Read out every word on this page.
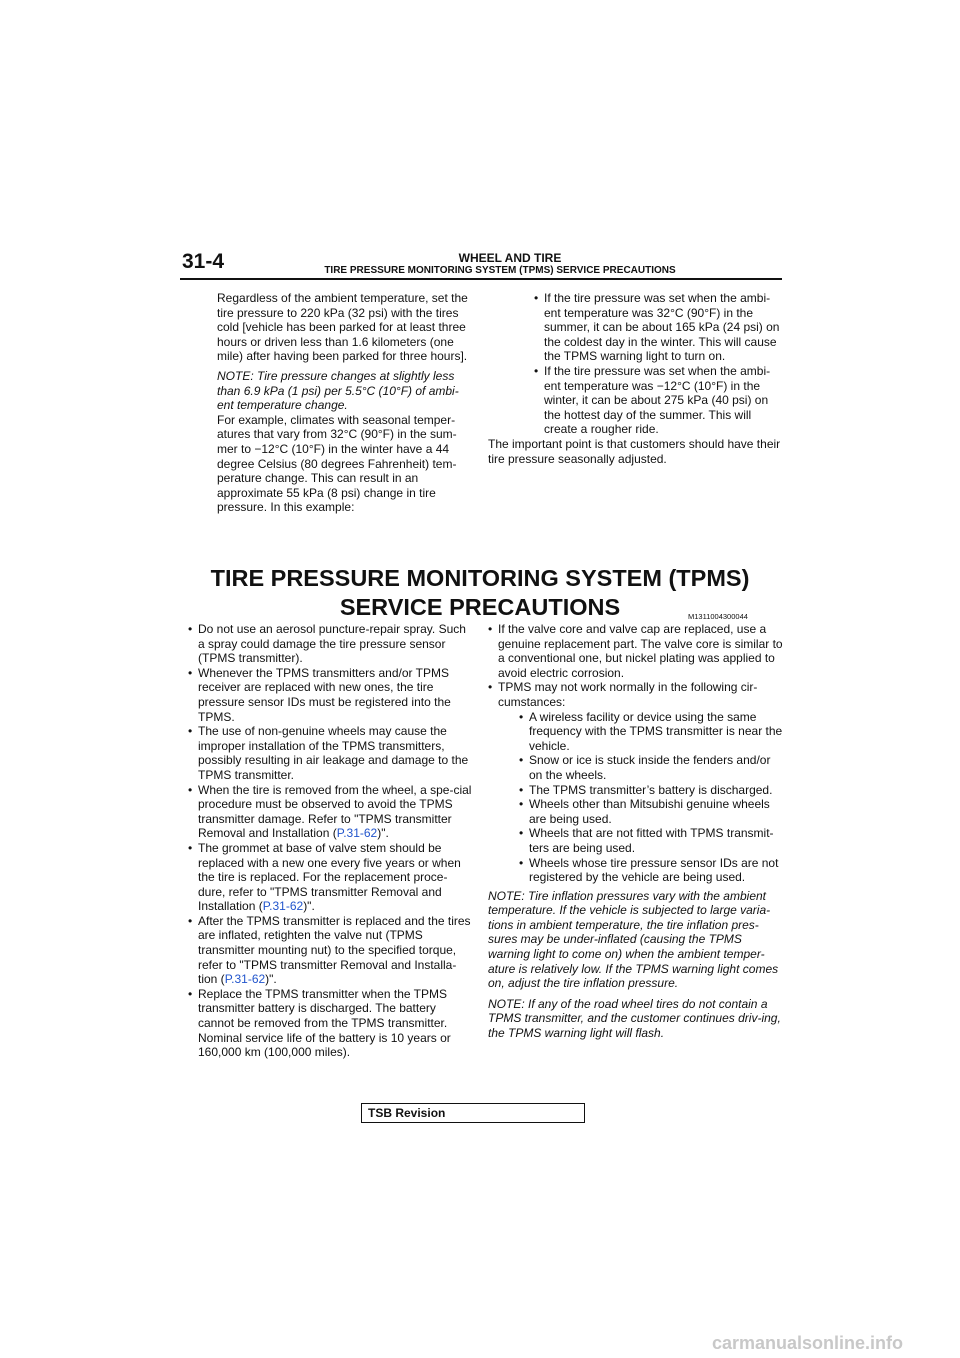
31-4	WHEEL AND TIRE
TIRE PRESSURE MONITORING SYSTEM (TPMS) SERVICE PRECAUTIONS

Regardless of the ambient temperature, set the tire pressure to 220 kPa (32 psi) with the tires cold [vehicle has been parked for at least three hours or driven less than 1.6 kilometers (one mile) after having been parked for three hours].

NOTE: Tire pressure changes at slightly less than 6.9 kPa (1 psi) per 5.5°C (10°F) of ambi-ent temperature change.

For example, climates with seasonal temper-atures that vary from 32°C (90°F) in the sum-mer to −12°C (10°F) in the winter have a 44 degree Celsius (80 degrees Fahrenheit) tem-perature change. This can result in an approximate 55 kPa (8 psi) change in tire pressure. In this example:

• If the tire pressure was set when the ambi-ent temperature was 32°C (90°F) in the summer, it can be about 165 kPa (24 psi) on the coldest day in the winter. This will cause the TPMS warning light to turn on.
• If the tire pressure was set when the ambi-ent temperature was −12°C (10°F) in the winter, it can be about 275 kPa (40 psi) on the hottest day of the summer. This will create a rougher ride.

The important point is that customers should have their tire pressure seasonally adjusted.

TIRE PRESSURE MONITORING SYSTEM (TPMS) SERVICE PRECAUTIONS	M1311004300044
• Do not use an aerosol puncture-repair spray. Such a spray could damage the tire pressure sensor (TPMS transmitter).
• Whenever the TPMS transmitters and/or TPMS receiver are replaced with new ones, the tire pressure sensor IDs must be registered into the TPMS.
• The use of non-genuine wheels may cause the improper installation of the TPMS transmitters, possibly resulting in air leakage and damage to the TPMS transmitter.
• When the tire is removed from the wheel, a spe-cial procedure must be observed to avoid the TPMS transmitter damage. Refer to "TPMS transmitter Removal and Installation (P.31-62)".
• The grommet at base of valve stem should be replaced with a new one every five years or when the tire is replaced. For the replacement proce-dure, refer to "TPMS transmitter Removal and Installation (P.31-62)".
• After the TPMS transmitter is replaced and the tires are inflated, retighten the valve nut (TPMS transmitter mounting nut) to the specified torque, refer to "TPMS transmitter Removal and Installa-tion (P.31-62)".
• Replace the TPMS transmitter when the TPMS transmitter battery is discharged. The battery cannot be removed from the TPMS transmitter. Nominal service life of the battery is 10 years or 160,000 km (100,000 miles).
• If the valve core and valve cap are replaced, use a genuine replacement part. The valve core is similar to a conventional one, but nickel plating was applied to avoid electric corrosion.
• TPMS may not work normally in the following cir-cumstances:
• A wireless facility or device using the same frequency with the TPMS transmitter is near the vehicle.
• Snow or ice is stuck inside the fenders and/or on the wheels.
• The TPMS transmitter’s battery is discharged.
• Wheels other than Mitsubishi genuine wheels are being used.
• Wheels that are not fitted with TPMS transmit-ters are being used.
• Wheels whose tire pressure sensor IDs are not registered by the vehicle are being used.

NOTE: Tire inflation pressures vary with the ambient temperature. If the vehicle is subjected to large varia-tions in ambient temperature, the tire inflation pres-sures may be under-inflated (causing the TPMS warning light to come on) when the ambient temper-ature is relatively low. If the TPMS warning light comes on, adjust the tire inflation pressure.

NOTE: If any of the road wheel tires do not contain a TPMS transmitter, and the customer continues driv-ing, the TPMS warning light will flash.

TSB Revision
carmanualsonline.info
